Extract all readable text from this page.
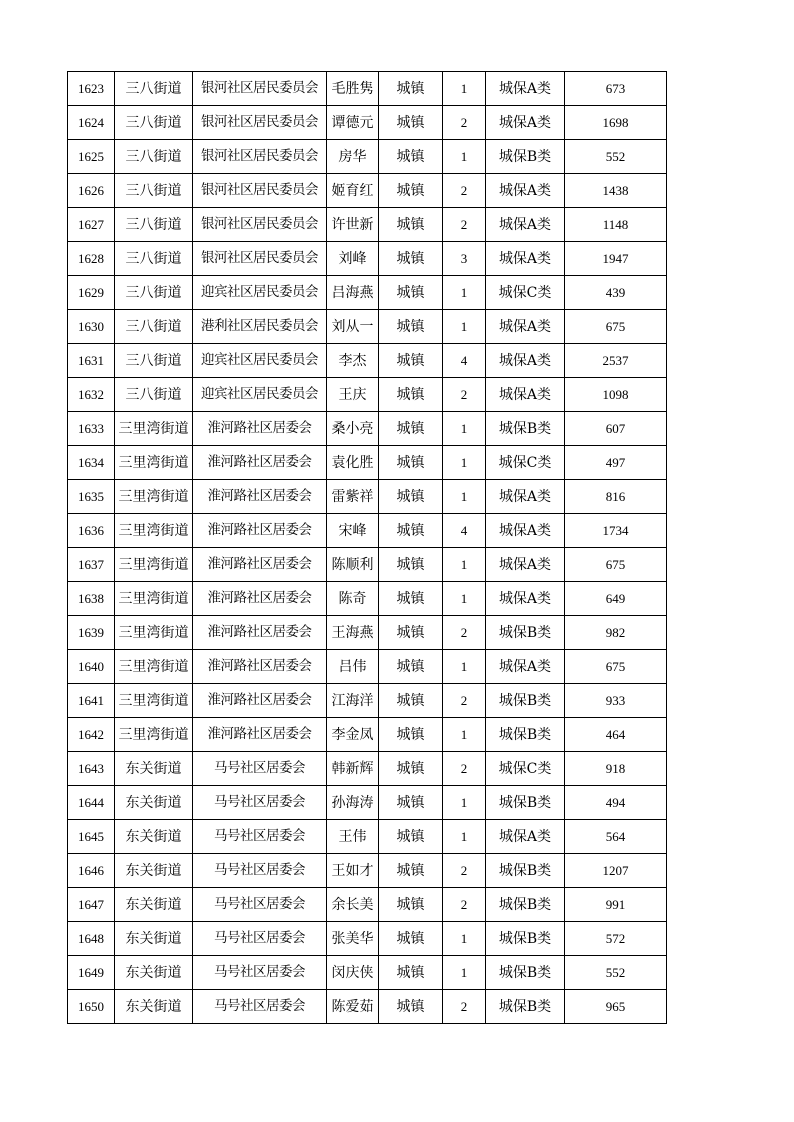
1623	三八街道	银河社区居民委员会	毛胜隽	城镇	1	城保A类	673
1624	三八街道	银河社区居民委员会	谭德元	城镇	2	城保A类	1698
1625	三八街道	银河社区居民委员会	房华	城镇	1	城保B类	552
1626	三八街道	银河社区居民委员会	姬育红	城镇	2	城保A类	1438
1627	三八街道	银河社区居民委员会	许世新	城镇	2	城保A类	1148
1628	三八街道	银河社区居民委员会	刘峰	城镇	3	城保A类	1947
1629	三八街道	迎宾社区居民委员会	吕海燕	城镇	1	城保C类	439
1630	三八街道	港利社区居民委员会	刘从一	城镇	1	城保A类	675
1631	三八街道	迎宾社区居民委员会	李杰	城镇	4	城保A类	2537
1632	三八街道	迎宾社区居民委员会	王庆	城镇	2	城保A类	1098
1633	三里湾街道	淮河路社区居委会	桑小亮	城镇	1	城保B类	607
1634	三里湾街道	淮河路社区居委会	袁化胜	城镇	1	城保C类	497
1635	三里湾街道	淮河路社区居委会	雷紫祥	城镇	1	城保A类	816
1636	三里湾街道	淮河路社区居委会	宋峰	城镇	4	城保A类	1734
1637	三里湾街道	淮河路社区居委会	陈顺利	城镇	1	城保A类	675
1638	三里湾街道	淮河路社区居委会	陈奇	城镇	1	城保A类	649
1639	三里湾街道	淮河路社区居委会	王海燕	城镇	2	城保B类	982
1640	三里湾街道	淮河路社区居委会	吕伟	城镇	1	城保A类	675
1641	三里湾街道	淮河路社区居委会	江海洋	城镇	2	城保B类	933
1642	三里湾街道	淮河路社区居委会	李金凤	城镇	1	城保B类	464
1643	东关街道	马号社区居委会	韩新辉	城镇	2	城保C类	918
1644	东关街道	马号社区居委会	孙海涛	城镇	1	城保B类	494
1645	东关街道	马号社区居委会	王伟	城镇	1	城保A类	564
1646	东关街道	马号社区居委会	王如才	城镇	2	城保B类	1207
1647	东关街道	马号社区居委会	余长美	城镇	2	城保B类	991
1648	东关街道	马号社区居委会	张美华	城镇	1	城保B类	572
1649	东关街道	马号社区居委会	闵庆侠	城镇	1	城保B类	552
1650	东关街道	马号社区居委会	陈爱茹	城镇	2	城保B类	965
